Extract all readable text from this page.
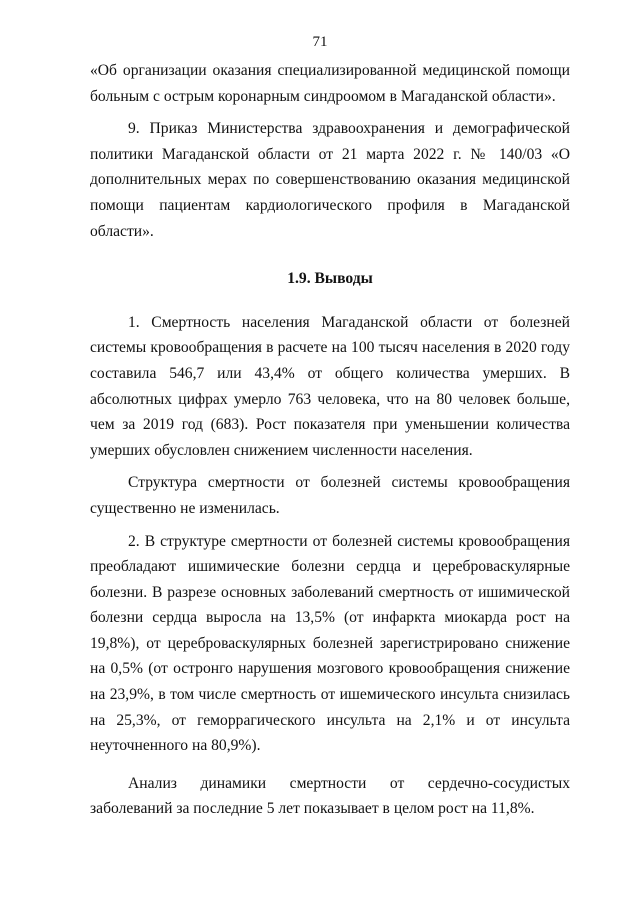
71

«Об организации оказания специализированной медицинской помощи больным с острым коронарным синдроомом в Магаданской области».

9. Приказ Министерства здравоохранения и демографической политики Магаданской области от 21 марта 2022 г. № 140/03 «О дополнительных мерах по совершенствованию оказания медицинской помощи пациентам кардиологического профиля в Магаданской области».

1.9. Выводы

1. Смертность населения Магаданской области от болезней системы кровообращения в расчете на 100 тысяч населения в 2020 году составила 546,7 или 43,4% от общего количества умерших. В абсолютных цифрах умерло 763 человека, что на 80 человек больше, чем за 2019 год (683). Рост показателя при уменьшении количества умерших обусловлен снижением численности населения.

Структура смертности от болезней системы кровообращения существенно не изменилась.

2. В структуре смертности от болезней системы кровообращения преобладают ишимические болезни сердца и цереброваскулярные болезни. В разрезе основных заболеваний смертность от ишимической болезни сердца выросла на 13,5% (от инфаркта миокарда рост на 19,8%), от цереброваскулярных болезней зарегистрировано снижение на 0,5% (от остронго нарушения мозгового кровообращения снижение на 23,9%, в том числе смертность от ишемического инсульта снизилась на 25,3%, от геморрагического инсульта на 2,1% и от инсульта неуточненного на 80,9%).

Анализ динамики смертности от сердечно-сосудистых заболеваний за последние 5 лет показывает в целом рост на 11,8%.
